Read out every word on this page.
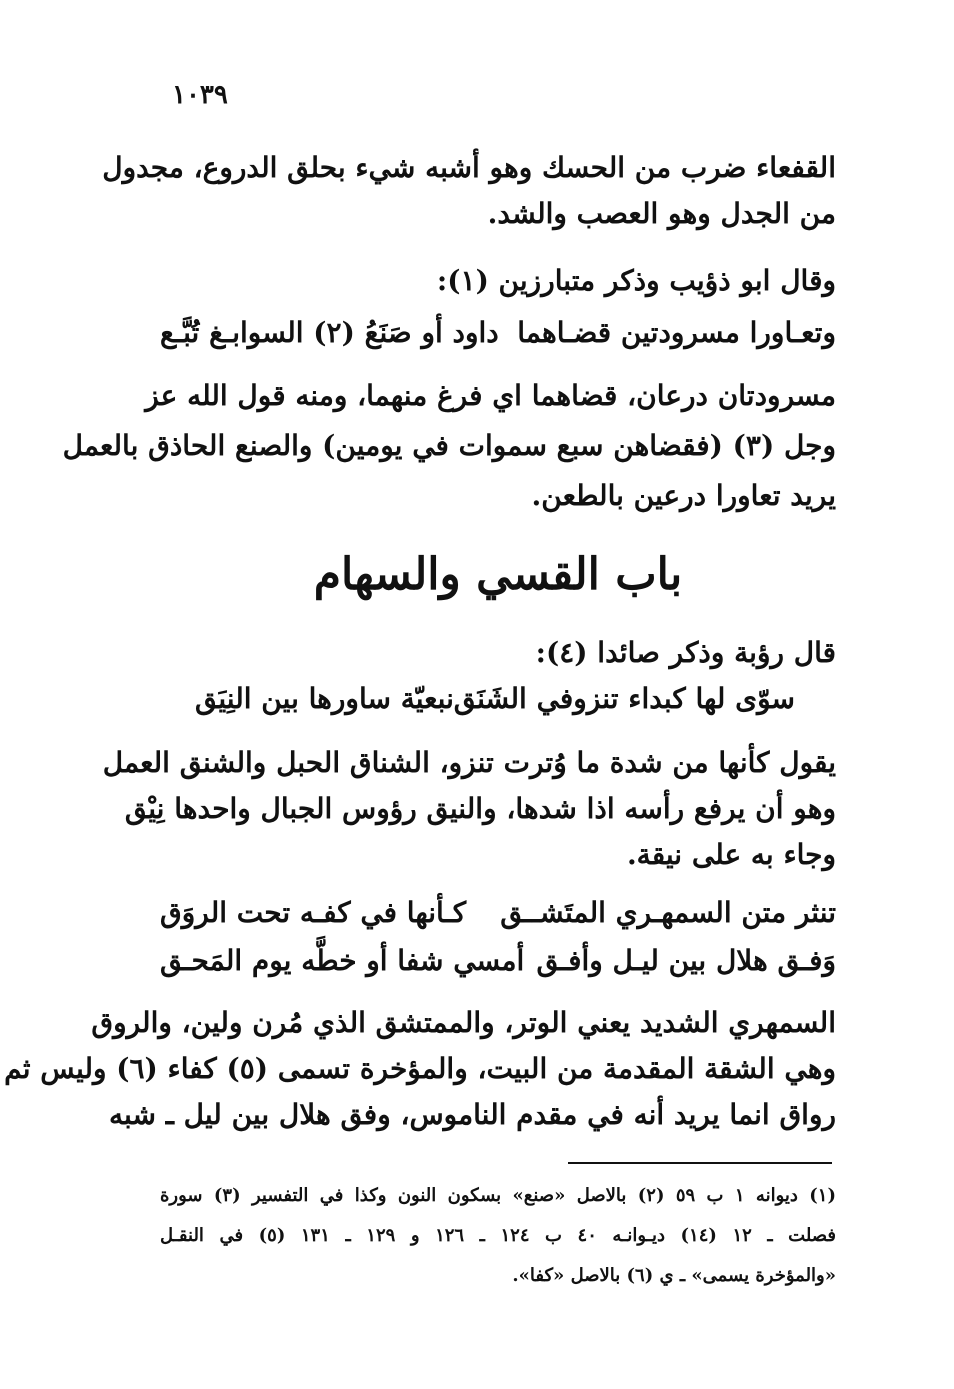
١٠٣٩
القفعاء ضرب من الحسك وهو أشبه شيء بحلق الدروع، مجدول
من الجدل وهو العصب والشد.
وقال ابو ذؤيب وذكر متبارزين (١):
وتعـاورا مسرودتين قضـاهما
داود أو صَنَعُ (٢) السوابـغ تُبَّـع
مسرودتان درعان، قضاهما اي فرغ منهما، ومنه قول الله عز
وجل (٣) (فقضاهن سبع سموات في يومين) والصنع الحاذق بالعمل
يريد تعاورا درعين بالطعن.
باب القسي والسهام
قال رؤبة وذكر صائدا (٤):
سوّى لها كبداء تنزوفي الشَنَق
نبعيّة ساورها بين النِيَق
يقول كأنها من شدة ما وُترت تنزو، الشناق الحبل والشنق العمل
وهو أن يرفع رأسه اذا شدها، والنيق رؤوس الجبال واحدها نِيْق
وجاء به على نيقة.
تنثر متن السمهـري المتَشــق
كـأنها في كفـه تحت الروَق
وَفـق هلال بين ليـل وأفـق
أمسي شفا أو خطَّه يوم المَحـق
السمهري الشديد يعني الوتر، والممتشق الذي مُرن ولين، والروق
وهي الشقة المقدمة من البيت، والمؤخرة تسمى (٥) كفاء (٦) وليس ثم
رواق انما يريد أنه في مقدم الناموس، وفق هلال بين ليل ـ شبه
(١) ديوانه ١ ب ٥٩ (٢) بالاصل «صنع» بسكون النون وكذا في التفسير (٣) سورة
فصلت ـ ١٢ (١٤) ديـوانـه ٤٠ ب ١٢٤ ـ ١٢٦ و ١٢٩ ـ ١٣١ (٥) في النقـل
«والمؤخرة يسمى» ـ ي (٦) بالاصل «كفا».
